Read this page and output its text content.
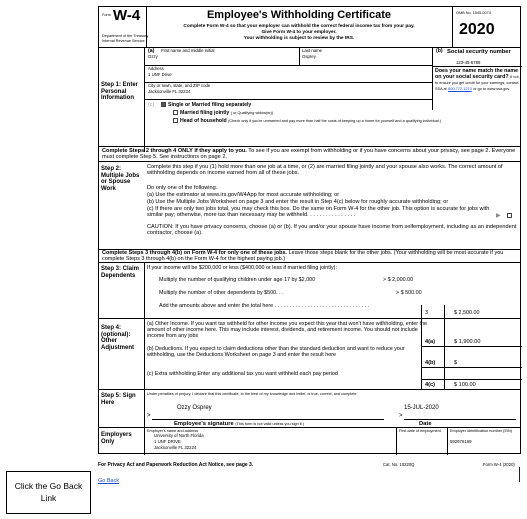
Form W-4
Department of the Treasury
Internal Revenue Service
Employee's Withholding Certificate
Complete Form W-4 so that your employer can withhold the correct federal income tax from your pay.
Give Form W-4 to your employer.
Your withholding is subject to review by the IRS.
OMB No. 1545-0074
2020
Step 1: Enter Personal Information
(a) First name and middle initial
Ozzy
Last name
Osprey
(b) Social security number
123-45-6789
Address
1 UNF Drive
City or town, state, and ZIP code
Jacksonville FL 32224
Does your name match the name on your social security card? If not, to ensure you get credit for your earnings, contact SSA at 800-772-1213 or go to www.ssa.gov.
(c)	Single or Married filing separately
Married filing jointly ( or Qualifying widow(er))
Head of household (Check only if you're unmarried and pay more than half the costs of keeping up a home for yourself and a qualifying individual.)
Complete Steps 2 through 4 ONLY if they apply to you. To see if you are exempt from withholding or if you have concerns about your privacy, see page 2. Everyone must complete Step 5. See instructions on page 2.
Step 2: Multiple Jobs or Spouse Work
Complete this step if you (1) hold more than one job at a time, or (2) are married filing jointly and your spouse also works. The correct amount of withholding depends on income earned from all of these jobs.
Do only one of the following.
(a) Use the estimator at www.irs.gov/W4App for most accurate withholding; or
(b) Use the Multiple Jobs Worksheet on page 3 and enter the result in Step 4(c) below for roughly accurate withholding; or
(c) If there are only two jobs total, you may check this box. Do the same on Form W-4 for the other job. This option is accurate for jobs with similar pay; otherwise, more tax than necessary may be withheld. . . . . . . . . . . . . . . .	▶
CAUTION: If you have privacy concerns, choose (a) or (b). If you and/or your spouse have income from selfemployment, including as an independent contractor, choose (a).
Complete Steps 3 through 4(b) on Form W-4 for only one of these jobs. Leave those steps blank for the other jobs. (Your withholding will be most accurate if you complete Steps 3 through 4(b) on the Form W-4 for the highest paying job.)
Step 3: Claim Dependents
If your income will be $200,000 or less ($400,000 or less if married filing jointly):
Multiply the number of qualifying children under age 17 by $2,000	> $ 2,000.00
Multiply the number of other dependents by $500. . .	> $ 500.00
Add the amounts above and enter the total here . . . . . . . . . . . . . . . . . . . . . . . . . . . . . . . .
3	$ 2,500.00
Step 4: (optional): Other Adjustment
(a) Other Income. If you want tax withheld for other income you expect this year that won't have withholding, enter the amount of other income here. This may include interest, dividends, and retirement income. You should not include income from any jobs
(b) Deductions. If you expect to claim deductions other than the standard deduction and want to reduce your withholding, use the Deductions Worksheet on page 3 and enter the result here
(c) Extra withholding Enter any additional tax you want withheld each pay period
4(a)	$ 1,900.00
4(b)	$
4(c)	$ 100.00
Step 5: Sign Here
Under penalties of perjury, I declare that this certificate, to the best of my knowledge and belief, is true, correct, and complete.
Ozzy Osprey	15-JUL-2020
>	>
Employee's signature (This form is not valid unless you sign it.)	Date
Employers Only
Employer's name and address
University of North Florida
1 UNF DRIVE
Jacksonville FL 32224
First date of employment	Employer identification number (EIN)
592976169
For Privacy Act and Paperwork Reduction Act Notice, see page 3.	Cat. No. 10220Q	Form W-4 (2020)
Go Back
Click the Go Back Link
